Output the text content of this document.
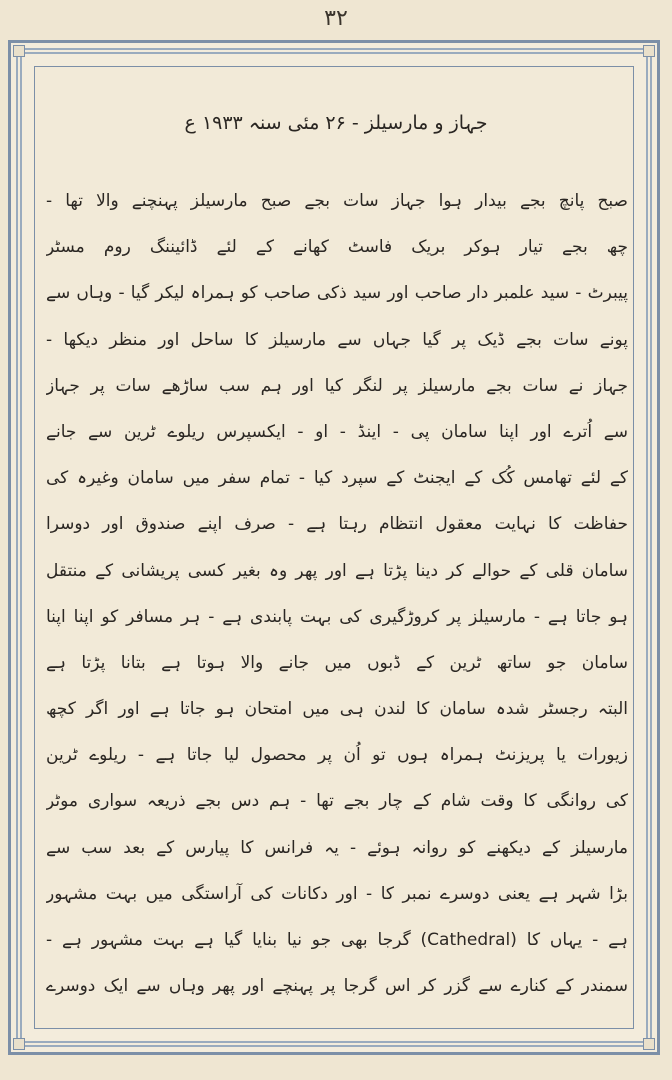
۳۲
جہاز و مارسیلز - ۲۶ مئی سنہ ۱۹۳۳ ع
صبح پانچ بجے بیدار ہوا جہاز سات بجے صبح مارسیلز پہنچنے والا تھا -
چھ بجے تیار ہوکر بریک فاسٹ کھانے کے لئے ڈائیننگ روم مسٹر
پیبرٹ - سید علمبر دار صاحب اور سید ذکی صاحب کو ہمراہ لیکر گیا - وہاں سے
پونے سات بجے ڈیک پر گیا جہاں سے مارسیلز کا ساحل اور منظر دیکھا -
جہاز نے سات بجے مارسیلز پر لنگر کیا اور ہم سب ساڑھے سات پر جہاز
سے اُترے اور اپنا سامان پی - اینڈ - او - ایکسپرس ریلوے ٹرین سے جانے
کے لئے تھامس کُک کے ایجنٹ کے سپرد کیا - تمام سفر میں سامان وغیرہ کی
حفاظت کا نہایت معقول انتظام رہتا ہے - صرف اپنے صندوق اور دوسرا
سامان قلی کے حوالے کر دینا پڑتا ہے اور پھر وہ بغیر کسی پریشانی کے منتقل
ہو جاتا ہے - مارسیلز پر کروڑگیری کی بہت پابندی ہے - ہر مسافر کو اپنا اپنا
سامان جو ساتھ ٹرین کے ڈبوں میں جانے والا ہوتا ہے بتانا پڑتا ہے
البتہ رجسٹر شدہ سامان کا لندن ہی میں امتحان ہو جاتا ہے اور اگر کچھ
زیورات یا پریزنٹ ہمراہ ہوں تو اُن پر محصول لیا جاتا ہے - ریلوے ٹرین
کی روانگی کا وقت شام کے چار بجے تھا - ہم دس بجے ذریعہ سواری موٹر
مارسیلز کے دیکھنے کو روانہ ہوئے - یہ فرانس کا پیارس کے بعد سب سے
بڑا شہر ہے یعنی دوسرے نمبر کا - اور دکانات کی آراستگی میں بہت مشہور
ہے - یہاں کا (Cathedral) گرجا بھی جو نیا بنایا گیا ہے بہت مشہور ہے -
سمندر کے کنارے سے گزر کر اس گرجا پر پہنچے اور پھر وہاں سے ایک دوسرے
